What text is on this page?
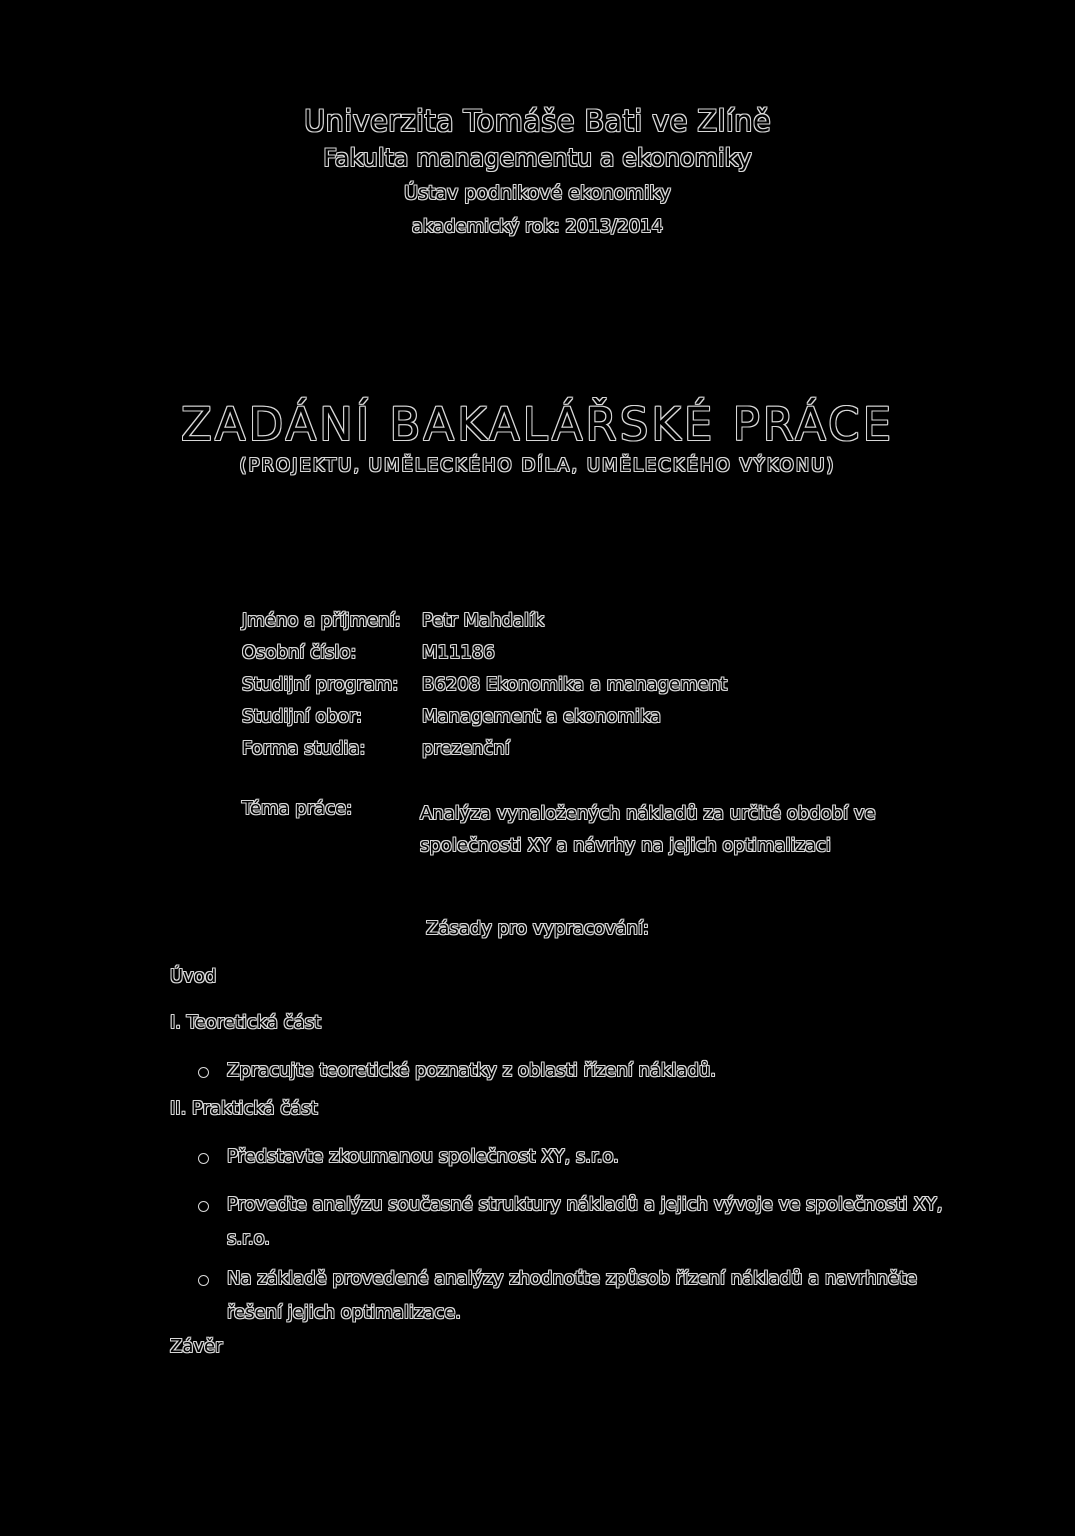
Univerzita Tomáše Bati ve Zlíně
Fakulta managementu a ekonomiky
Ústav podnikové ekonomiky
akademický rok: 2013/2014
ZADÁNÍ BAKALÁŘSKÉ PRÁCE
(PROJEKTU, UMĚLECKÉHO DÍLA, UMĚLECKÉHO VÝKONU)
Jméno a příjmení: Petr Mahdalík
Osobní číslo:	M11186
Studijní program: B6208 Ekonomika a management
Studijní obor:	Management a ekonomika
Forma studia:	prezenční
Téma práce:	Analýza vynaložených nákladů za určité období ve společnosti XY a návrhy na jejich optimalizaci
Zásady pro vypracování:
Úvod
I. Teoretická část
Zpracujte teoretické poznatky z oblasti řízení nákladů.
II. Praktická část
Představte zkoumanou společnost XY, s.r.o.
Proveďte analýzu současné struktury nákladů a jejich vývoje ve společnosti XY, s.r.o.
Na základě provedené analýzy zhodnoťte způsob řízení nákladů a navrhněte řešení jejich optimalizace.
Závěr
